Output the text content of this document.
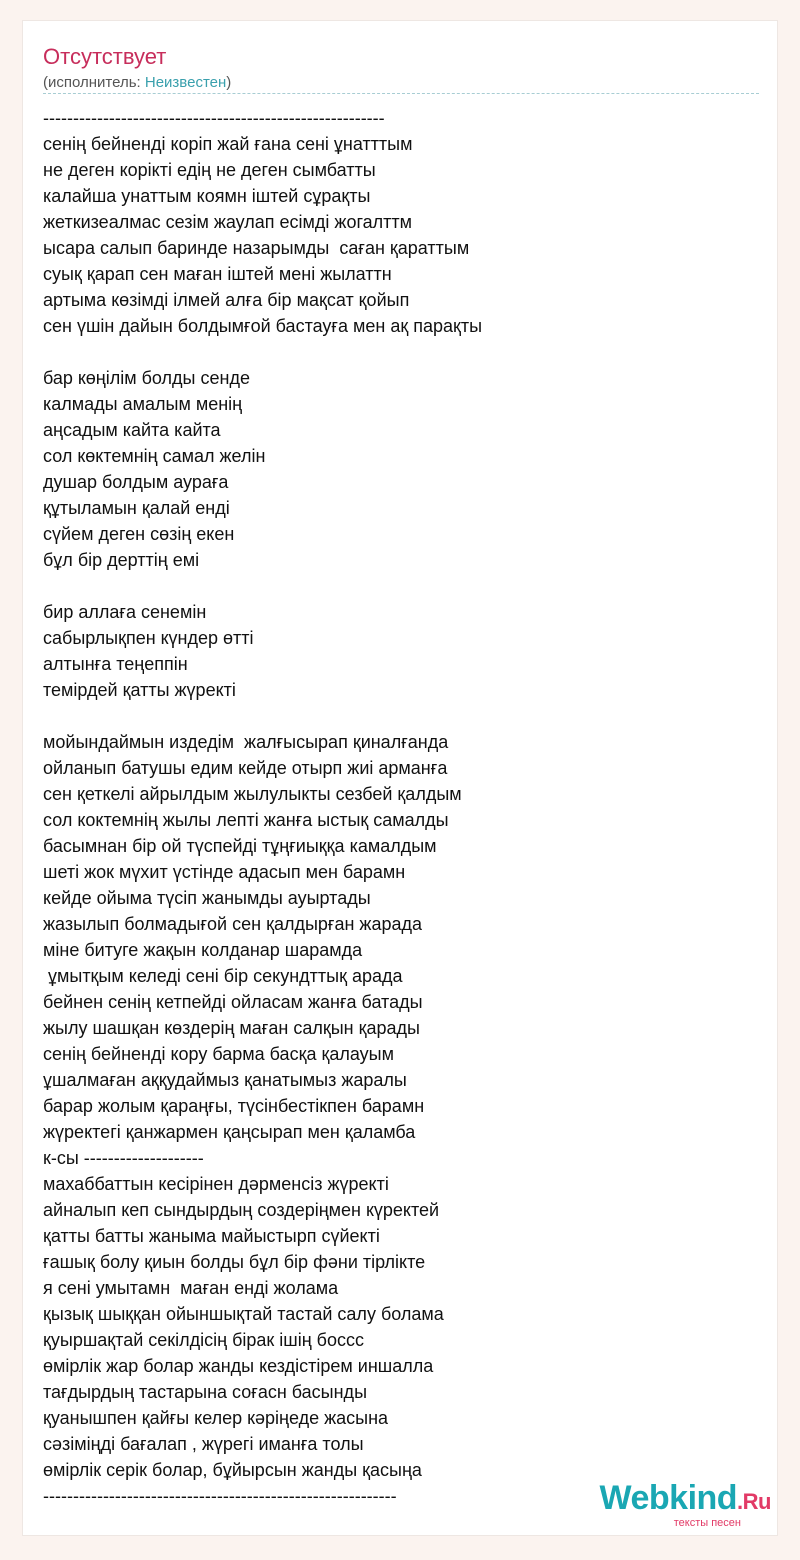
Отсутствует
(исполнитель: Неизвестен)
---------------------------------------------------------
сенің бейненді коріп жай ғана сені ұнатттым
не деген корікті едің не деген сымбатты
калайша унаттым коямн іштей сұрақты
жеткизеалмас сезім жаулап есімді жогалттм
ысара салып баринде назарымды  саған қараттым
суық қарап сен маған іштей мені жылаттн
артыма көзімді ілмей алға бір мақсат қойып
сен үшін дайын болдымғой бастауға мен ақ парақты
бар көңілім болды сенде
калмады амалым менің
аңсадым кайта кайта
сол көктемнің самал желін
душар болдым аураға
құтыламын қалай енді
сүйем деген сөзің екен
бұл бір дерттің емі
бир аллаға сенемін
сабырлықпен күндер өтті
алтынға теңеппін
темірдей қатты жүректі
мойындаймын издедім  жалғысырап қиналғанда
ойланып батушы едим кейде отырп жиі арманға
сен қеткелі айрылдым жылулыкты сезбей қалдым
сол коктемнің жылы лепті жанға ыстық самалды
басымнан бір ой түспейді тұңғиыққа камалдым
шеті жок мүхит үстінде адасып мен барамн
кейде ойыма түсіп жанымды ауыртады
жазылып болмадығой сен қалдырған жарада
міне битуге жақын колданар шарамда
ұмытқым келеді сені бір секундттық арада
бейнен сенің кетпейді ойласам жанға батады
жылу шашқан көздерің маған салқын қарады
сенің бейненді кору барма басқа қалауым
ұшалмаған аққудаймыз қанатымыз жаралы
барар жолым қараңғы, түсінбестікпен барамн
жүректегі қанжармен қаңсырап мен қаламба
к-сы --------------------
махаббаттын кесірінен дәрменсіз жүректі
айналып кеп сындырдың создеріңмен күректей
қатты батты жаныма майыстырп сүйекті
ғашық болу қиын болды бұл бір фәни тірлікте
я сені умытамн  маған енді жолама
қызық шыққан ойыншықтай тастай салу болама
қуыршақтай секілдісің бірак ішің боссс
өмірлік жар болар жанды кездістірем иншалла
тағдырдың тастарына соғасн басынды
қуанышпен қайғы келер кәріңеде жасына
сәзіміңді бағалап , жүрегі иманға толы
өмірлік серік болар, бұйырсын жанды қасыңа
-----------------------------------------------------------	Webkind.Ru
тексты песен
